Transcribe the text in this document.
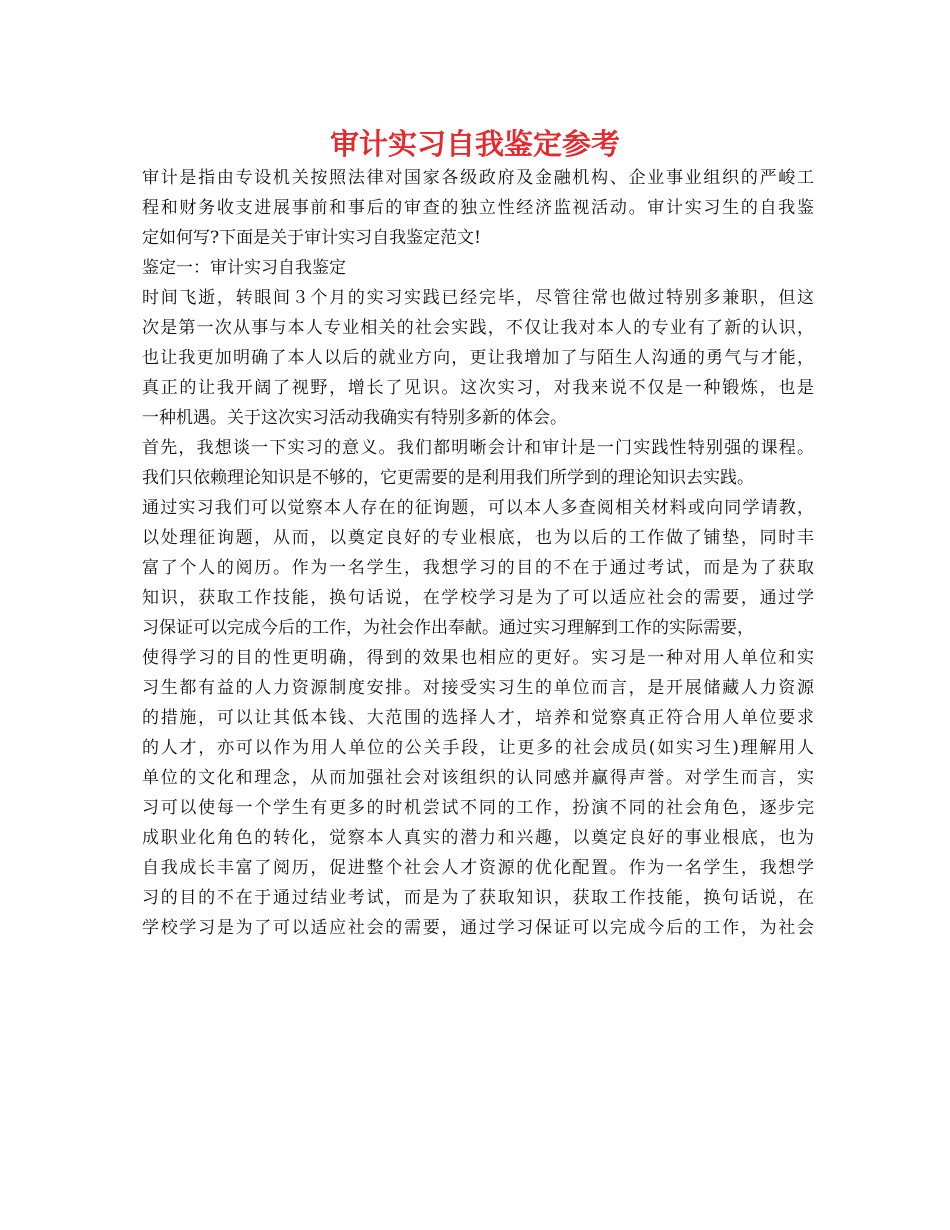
审计实习自我鉴定参考
审计是指由专设机关按照法律对国家各级政府及金融机构、企业事业组织的严峻工
程和财务收支进展事前和事后的审查的独立性经济监视活动。审计实习生的自我鉴
定如何写?下面是关于审计实习自我鉴定范文!
鉴定一：审计实习自我鉴定
时间飞逝，转眼间３个月的实习实践已经完毕，尽管往常也做过特别多兼职，但这
次是第一次从事与本人专业相关的社会实践，不仅让我对本人的专业有了新的认识，
也让我更加明确了本人以后的就业方向，更让我增加了与陌生人沟通的勇气与才能，
真正的让我开阔了视野，增长了见识。这次实习，对我来说不仅是一种锻炼，也是
一种机遇。关于这次实习活动我确实有特别多新的体会。
首先，我想谈一下实习的意义。我们都明晰会计和审计是一门实践性特别强的课程。
我们只依赖理论知识是不够的，它更需要的是利用我们所学到的理论知识去实践。
通过实习我们可以觉察本人存在的征询题，可以本人多查阅相关材料或向同学请教，
以处理征询题，从而，以奠定良好的专业根底，也为以后的工作做了铺垫，同时丰
富了个人的阅历。作为一名学生，我想学习的目的不在于通过考试，而是为了获取
知识，获取工作技能，换句话说，在学校学习是为了可以适应社会的需要，通过学
习保证可以完成今后的工作，为社会作出奉献。通过实习理解到工作的实际需要，
使得学习的目的性更明确，得到的效果也相应的更好。实习是一种对用人单位和实
习生都有益的人力资源制度安排。对接受实习生的单位而言，是开展储藏人力资源
的措施，可以让其低本钱、大范围的选择人才，培养和觉察真正符合用人单位要求
的人才，亦可以作为用人单位的公关手段，让更多的社会成员(如实习生)理解用人
单位的文化和理念，从而加强社会对该组织的认同感并赢得声誉。对学生而言，实
习可以使每一个学生有更多的时机尝试不同的工作，扮演不同的社会角色，逐步完
成职业化角色的转化，觉察本人真实的潜力和兴趣，以奠定良好的事业根底，也为
自我成长丰富了阅历，促进整个社会人才资源的优化配置。作为一名学生，我想学
习的目的不在于通过结业考试，而是为了获取知识，获取工作技能，换句话说，在
学校学习是为了可以适应社会的需要，通过学习保证可以完成今后的工作，为社会
